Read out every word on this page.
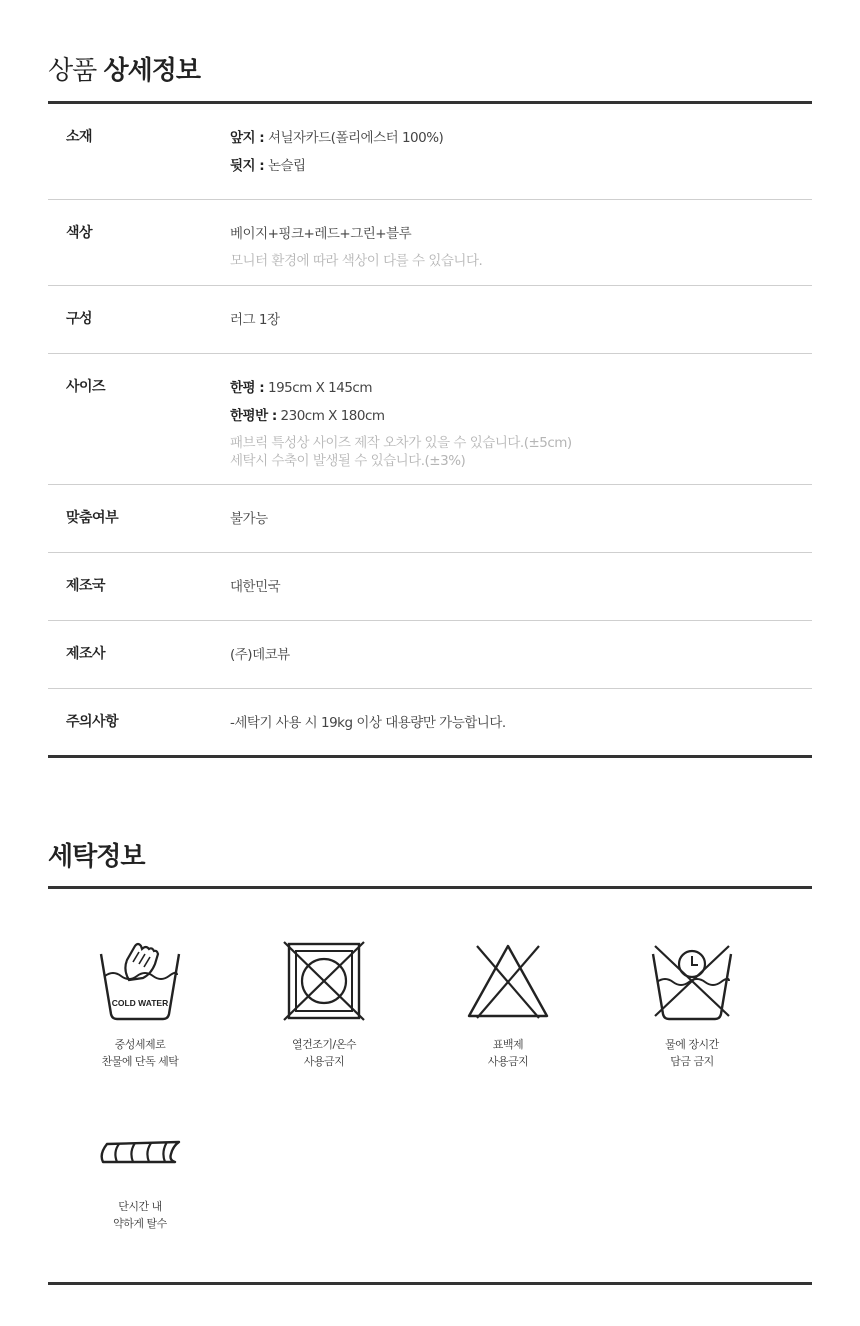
상품 상세정보
소재	앞지 : 셔닐자카드(폴리에스터 100%)
뒷지 : 논슬립
색상	베이지+핑크+레드+그린+블루
모니터 환경에 따라 색상이 다를 수 있습니다.
구성	러그 1장
사이즈	한평 : 195cm X 145cm
한평반 : 230cm X 180cm
패브릭 특성상 사이즈 제작 오차가 있을 수 있습니다.(±5cm)
세탁시 수축이 발생될 수 있습니다.(±3%)
맞춤여부	불가능
제조국	대한민국
제조사	(주)데코뷰
주의사항	-세탁기 사용 시 19kg 이상 대용량만 가능합니다.
세탁정보
COLD WATER
중성세제로
찬물에 단독 세탁
열건조기/온수
사용금지
표백제
사용금지
물에 장시간
담금 금지
단시간 내
약하게 탈수
